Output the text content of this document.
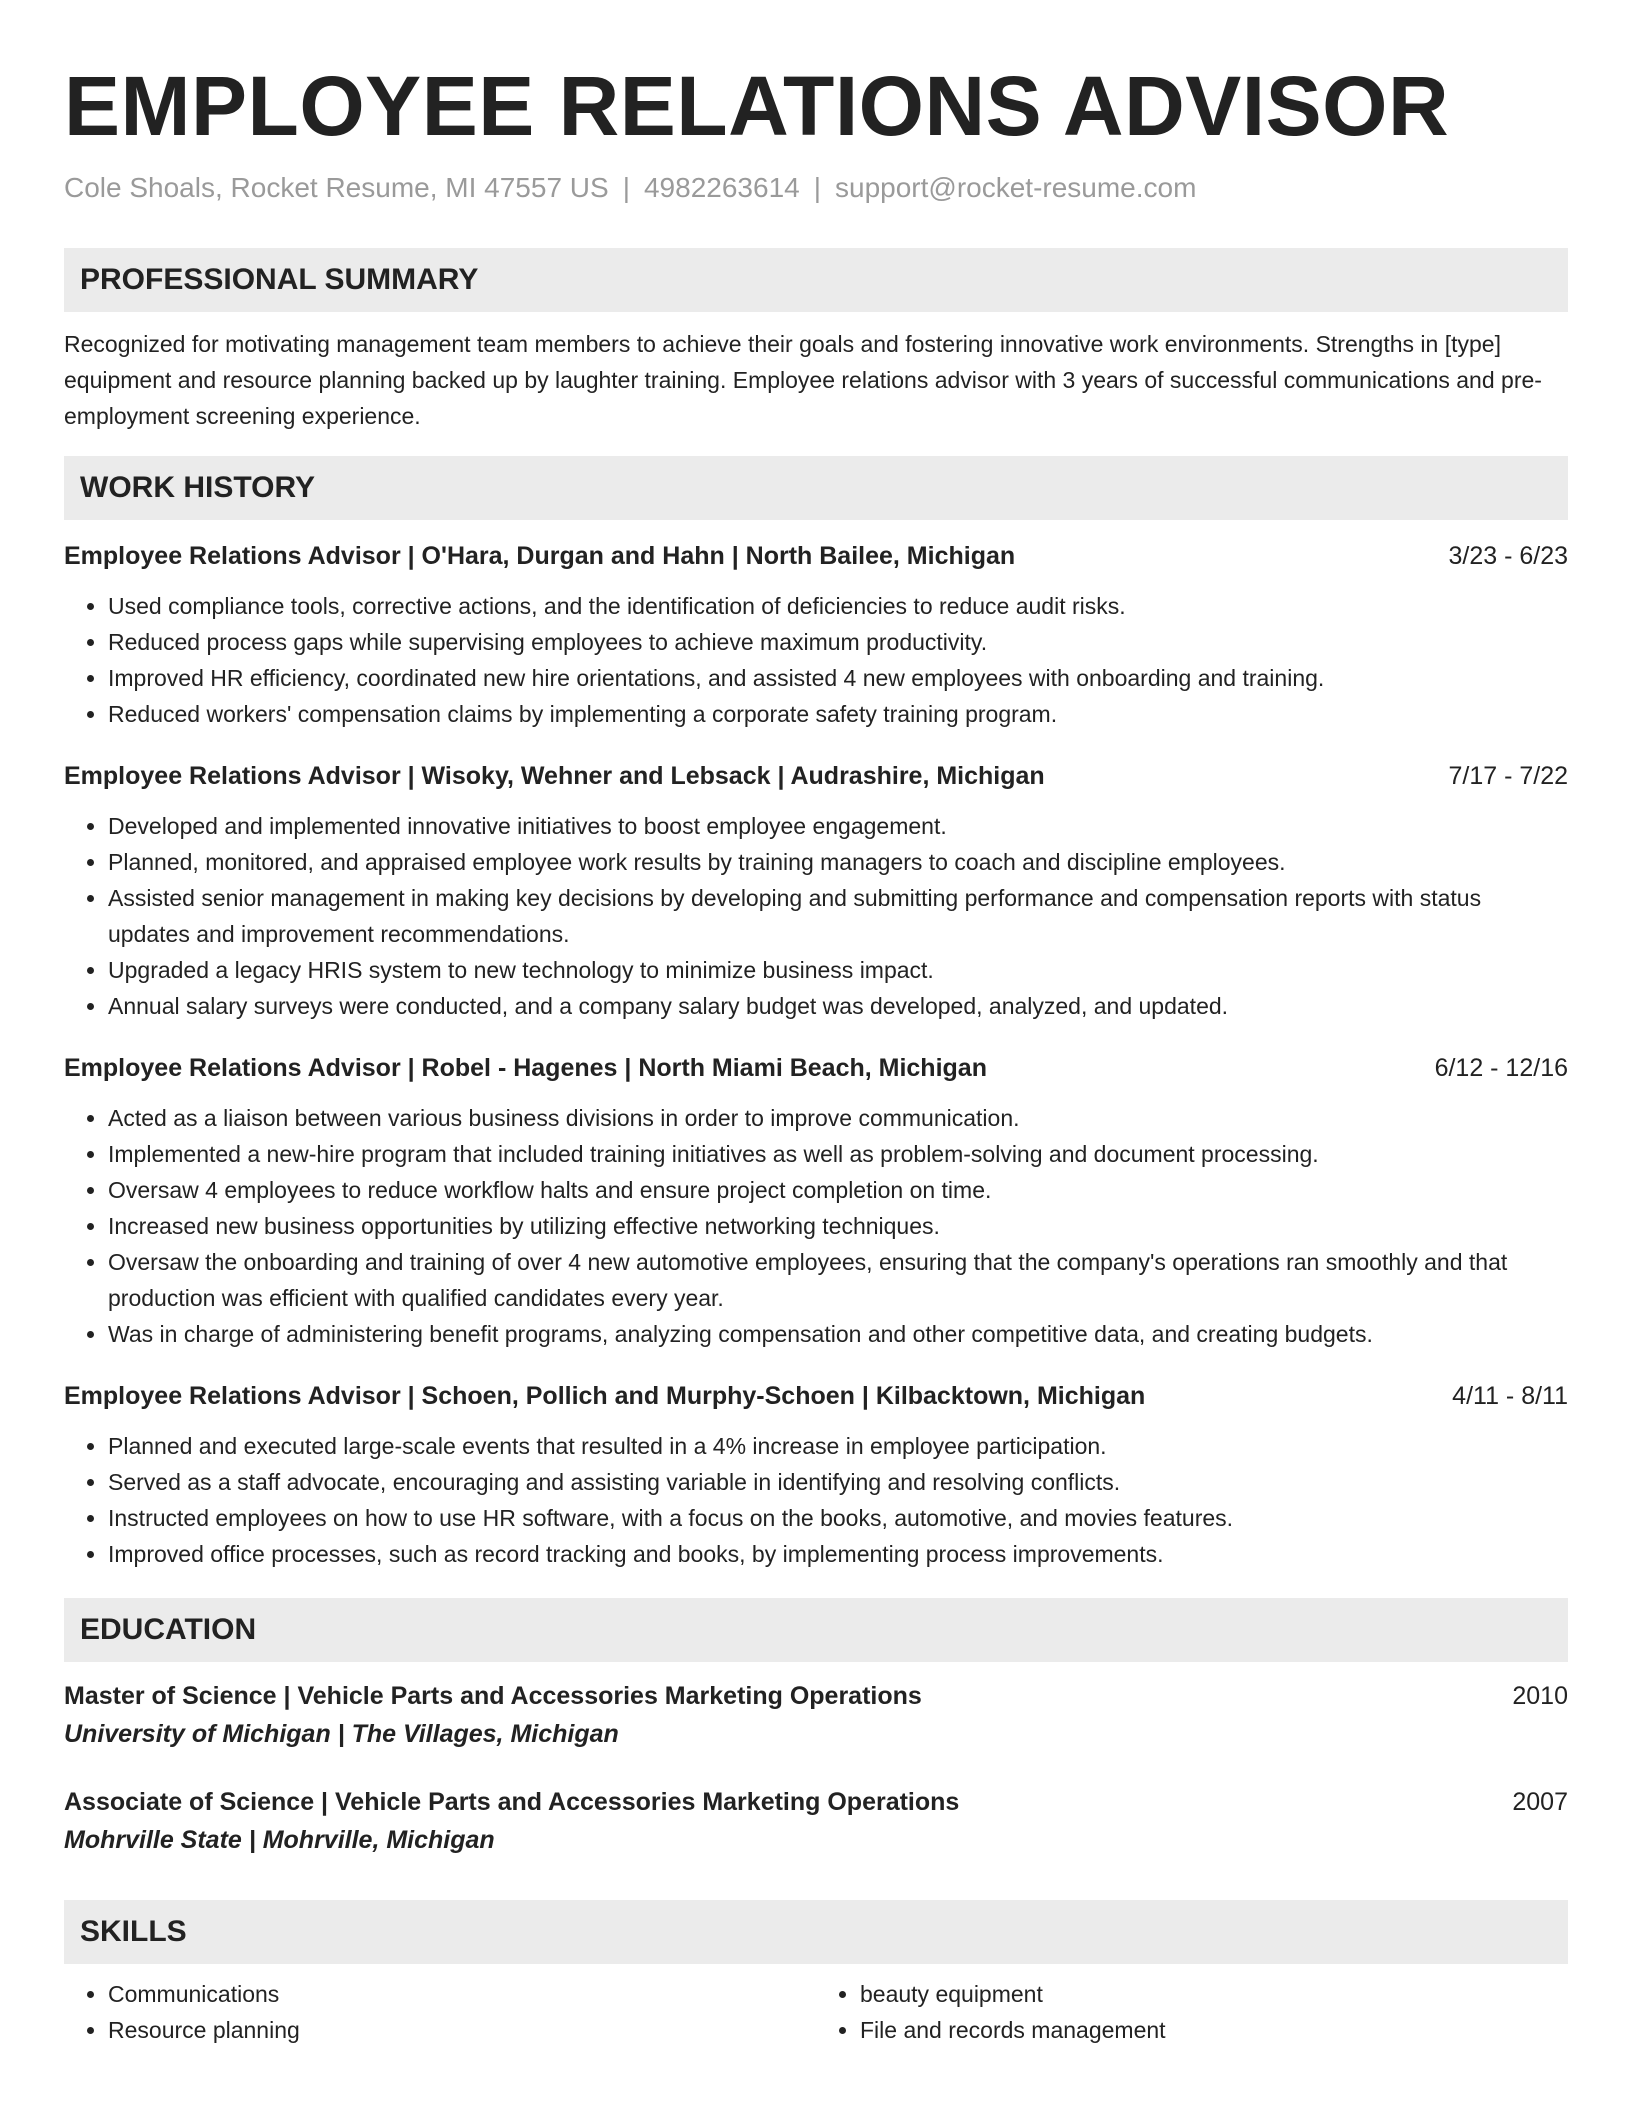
EMPLOYEE RELATIONS ADVISOR
Cole Shoals, Rocket Resume, MI 47557 US | 4982263614 | support@rocket-resume.com
PROFESSIONAL SUMMARY

Recognized for motivating management team members to achieve their goals and fostering innovative work environments. Strengths in [type] equipment and resource planning backed up by laughter training. Employee relations advisor with 3 years of successful communications and pre-employment screening experience.

WORK HISTORY
Employee Relations Advisor | O'Hara, Durgan and Hahn | North Bailee, Michigan	3/23 - 6/23
• Used compliance tools, corrective actions, and the identification of deficiencies to reduce audit risks.
• Reduced process gaps while supervising employees to achieve maximum productivity.
• Improved HR efficiency, coordinated new hire orientations, and assisted 4 new employees with onboarding and training.
• Reduced workers' compensation claims by implementing a corporate safety training program.
Employee Relations Advisor | Wisoky, Wehner and Lebsack | Audrashire, Michigan	7/17 - 7/22
• Developed and implemented innovative initiatives to boost employee engagement.
• Planned, monitored, and appraised employee work results by training managers to coach and discipline employees.
• Assisted senior management in making key decisions by developing and submitting performance and compensation reports with status updates and improvement recommendations.
• Upgraded a legacy HRIS system to new technology to minimize business impact.
• Annual salary surveys were conducted, and a company salary budget was developed, analyzed, and updated.
Employee Relations Advisor | Robel - Hagenes | North Miami Beach, Michigan	6/12 - 12/16
• Acted as a liaison between various business divisions in order to improve communication.
• Implemented a new-hire program that included training initiatives as well as problem-solving and document processing.
• Oversaw 4 employees to reduce workflow halts and ensure project completion on time.
• Increased new business opportunities by utilizing effective networking techniques.
• Oversaw the onboarding and training of over 4 new automotive employees, ensuring that the company's operations ran smoothly and that production was efficient with qualified candidates every year.
• Was in charge of administering benefit programs, analyzing compensation and other competitive data, and creating budgets.
Employee Relations Advisor | Schoen, Pollich and Murphy-Schoen | Kilbacktown, Michigan	4/11 - 8/11
• Planned and executed large-scale events that resulted in a 4% increase in employee participation.
• Served as a staff advocate, encouraging and assisting variable in identifying and resolving conflicts.
• Instructed employees on how to use HR software, with a focus on the books, automotive, and movies features.
• Improved office processes, such as record tracking and books, by implementing process improvements.
EDUCATION
Master of Science | Vehicle Parts and Accessories Marketing Operations	2010
University of Michigan | The Villages, Michigan
Associate of Science | Vehicle Parts and Accessories Marketing Operations	2007
Mohrville State | Mohrville, Michigan
SKILLS
• Communications
• Resource planning
• beauty equipment
• File and records management
